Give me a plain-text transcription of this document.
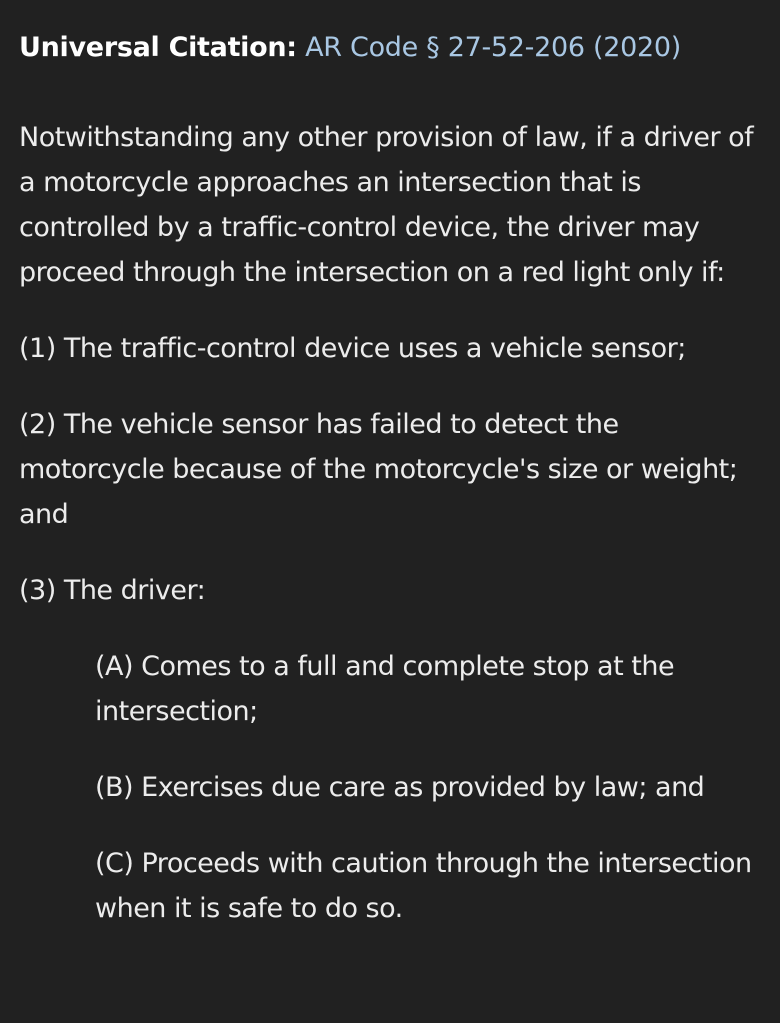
Universal Citation: AR Code § 27-52-206 (2020)

Notwithstanding any other provision of law, if a driver of a motorcycle approaches an intersection that is controlled by a traffic-control device, the driver may proceed through the intersection on a red light only if:

(1) The traffic-control device uses a vehicle sensor;

(2) The vehicle sensor has failed to detect the motorcycle because of the motorcycle's size or weight; and

(3) The driver:

(A) Comes to a full and complete stop at the intersection;

(B) Exercises due care as provided by law; and

(C) Proceeds with caution through the intersection when it is safe to do so.
